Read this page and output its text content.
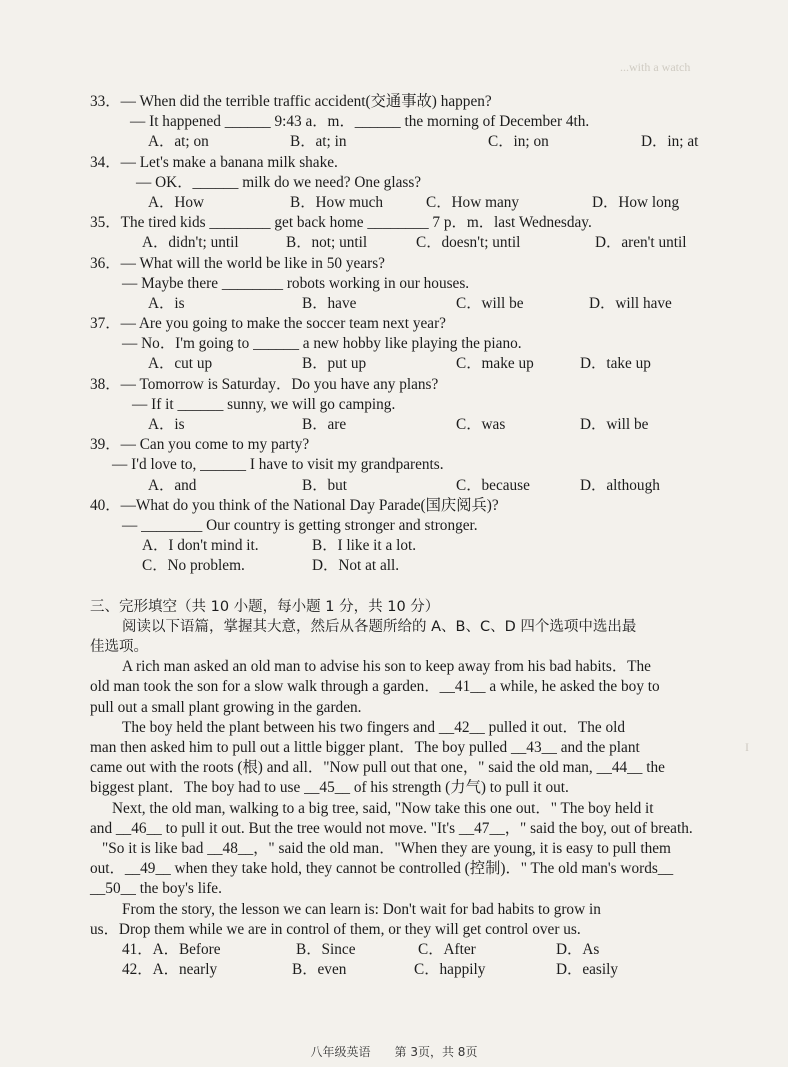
...with a watch
I
33．— When did the terrible traffic accident(交通事故) happen?
— It happened ______ 9:43 a．m．______ the morning of December 4th.
A．at; on	B．at; in	C．in; on	D．in; at
34．— Let's make a banana milk shake.
— OK．______ milk do we need? One glass?
A．How	B．How much	C．How many	D．How long
35．The tired kids ________ get back home ________ 7 p．m．last Wednesday.
A．didn't; until	B．not; until	C．doesn't; until	D．aren't until
36．— What will the world be like in 50 years?
— Maybe there ________ robots working in our houses.
A．is	B．have	C．will be	D．will have
37．— Are you going to make the soccer team next year?
— No．I'm going to ______ a new hobby like playing the piano.
A．cut up	B．put up	C．make up	D．take up
38．— Tomorrow is Saturday．Do you have any plans?
— If it ______ sunny, we will go camping.
A．is	B．are	C．was	D．will be
39．— Can you come to my party?
— I'd love to, ______ I have to visit my grandparents.
A．and	B．but	C．because	D．although
40．—What do you think of the National Day Parade(国庆阅兵)?
— ________ Our country is getting stronger and stronger.
A．I don't mind it.	B．I like it a lot.
C．No problem.	D．Not at all.
三、完形填空（共 10 小题，每小题 1 分，共 10 分）
阅读以下语篇，掌握其大意，然后从各题所给的 A、B、C、D 四个选项中选出最
佳选项。
A rich man asked an old man to advise his son to keep away from his bad habits．The
old man took the son for a slow walk through a garden．__41__ a while, he asked the boy to
pull out a small plant growing in the garden.
The boy held the plant between his two fingers and __42__ pulled it out．The old
man then asked him to pull out a little bigger plant．The boy pulled __43__ and the plant
came out with the roots (根) and all．"Now pull out that one，" said the old man, __44__ the
biggest plant．The boy had to use __45__ of his strength (力气) to pull it out.
Next, the old man, walking to a big tree, said, "Now take this one out．" The boy held it
and __46__ to pull it out. But the tree would not move. "It's __47__，" said the boy, out of breath.
"So it is like bad __48__，" said the old man．"When they are young, it is easy to pull them
out．__49__ when they take hold, they cannot be controlled (控制)．" The old man's words__
__50__ the boy's life.
From the story, the lesson we can learn is: Don't wait for bad habits to grow in
us．Drop them while we are in control of them, or they will get control over us.
41．A．Before	B．Since	C．After	D．As
42．A．nearly	B．even	C．happily	D．easily
八年级英语　　第 3页，共 8页
